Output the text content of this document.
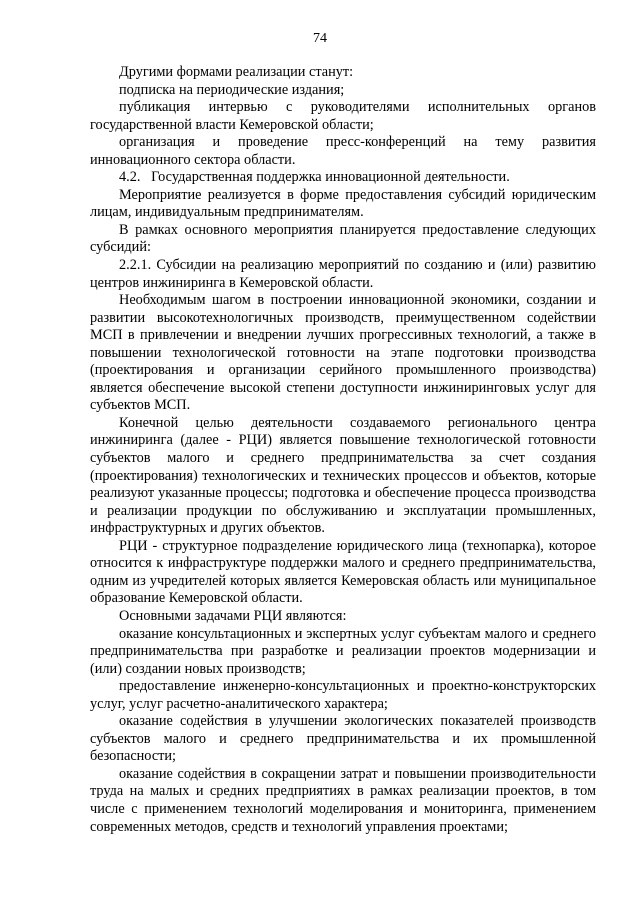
74

Другими формами реализации станут:

подписка на периодические издания;

публикация интервью с руководителями исполнительных органов государственной власти Кемеровской области;

организация и проведение пресс-конференций на тему развития инновационного сектора области.

4.2.   Государственная поддержка инновационной деятельности.

Мероприятие реализуется в форме предоставления субсидий юридическим лицам, индивидуальным предпринимателям.

В рамках основного мероприятия планируется предоставление следующих субсидий:

2.2.1. Субсидии на реализацию мероприятий по созданию и (или) развитию центров инжиниринга в Кемеровской области.

Необходимым шагом в построении инновационной экономики, создании и развитии высокотехнологичных производств, преимущественном содействии МСП в привлечении и внедрении лучших прогрессивных технологий, а также в повышении технологической готовности на этапе подготовки производства (проектирования и организации серийного промышленного производства) является обеспечение высокой степени доступности инжиниринговых услуг для субъектов МСП.

Конечной целью деятельности создаваемого регионального центра инжиниринга (далее - РЦИ) является повышение технологической готовности субъектов малого и среднего предпринимательства за счет создания (проектирования) технологических и технических процессов и объектов, которые реализуют указанные процессы; подготовка и обеспечение процесса производства и реализации продукции по обслуживанию и эксплуатации промышленных, инфраструктурных и других объектов.

РЦИ - структурное подразделение юридического лица (технопарка), которое относится к инфраструктуре поддержки малого и среднего предпринимательства, одним из учредителей которых является Кемеровская область или муниципальное образование Кемеровской области.

Основными задачами РЦИ являются:

оказание консультационных и экспертных услуг субъектам малого и среднего предпринимательства при разработке и реализации проектов модернизации и (или) создании новых производств;

предоставление инженерно-консультационных и проектно-конструкторских услуг, услуг расчетно-аналитического характера;

оказание содействия в улучшении экологических показателей производств субъектов малого и среднего предпринимательства и их промышленной безопасности;

оказание содействия в сокращении затрат и повышении производительности труда на малых и средних предприятиях в рамках реализации проектов, в том числе с применением технологий моделирования и мониторинга, применением современных методов, средств и технологий управления проектами;
